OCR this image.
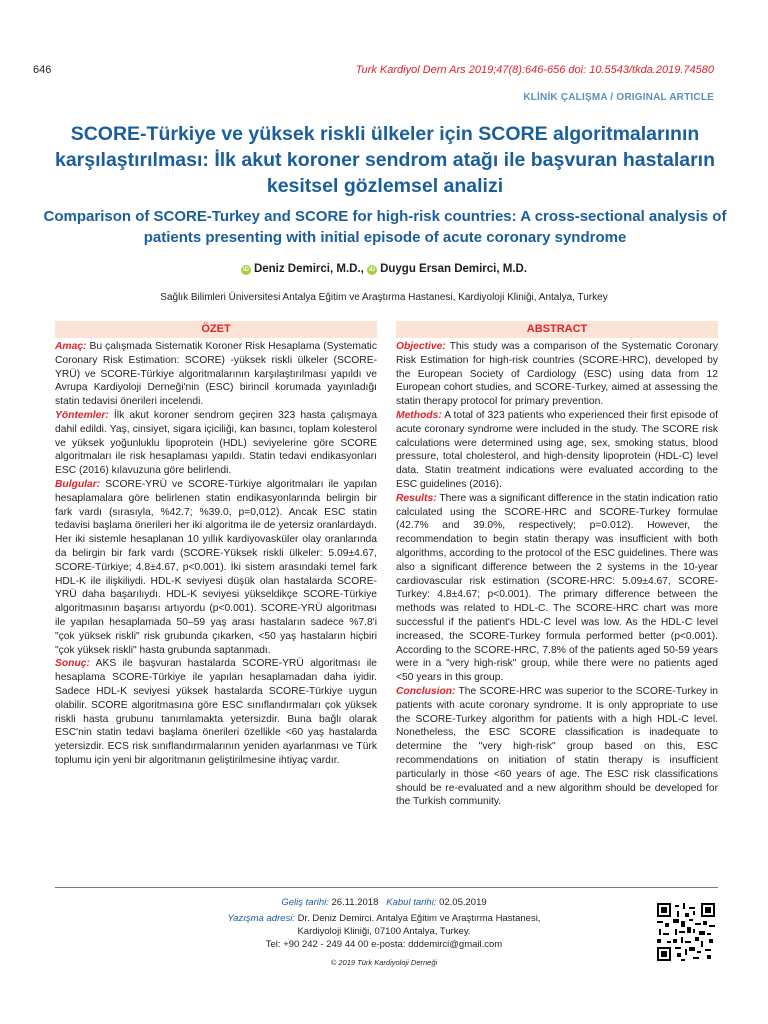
646	Turk Kardiyol Dern Ars 2019;47(8):646-656 doi: 10.5543/tkda.2019.74580
KLİNİK ÇALIŞMA / ORIGINAL ARTICLE
SCORE-Türkiye ve yüksek riskli ülkeler için SCORE algoritmalarının karşılaştırılması: İlk akut koroner sendrom atağı ile başvuran hastaların kesitsel gözlemsel analizi
Comparison of SCORE-Turkey and SCORE for high-risk countries: A cross-sectional analysis of patients presenting with initial episode of acute coronary syndrome
iD Deniz Demirci, M.D., iD Duygu Ersan Demirci, M.D.
Sağlık Bilimleri Üniversitesi Antalya Eğitim ve Araştırma Hastanesi, Kardiyoloji Kliniği, Antalya, Turkey
ÖZET

Amaç: Bu çalışmada Sistematik Koroner Risk Hesaplama (Systematic Coronary Risk Estimation: SCORE) -yüksek riskli ülkeler (SCORE-YRÜ) ve SCORE-Türkiye algoritmalarının karşılaştırılması yapıldı ve Avrupa Kardiyoloji Derneği'nin (ESC) birincil korumada yayınladığı statin tedavisi önerileri incelendi.

Yöntemler: İlk akut koroner sendrom geçiren 323 hasta çalışmaya dahil edildi. Yaş, cinsiyet, sigara içiciliği, kan basıncı, toplam kolesterol ve yüksek yoğunluklu lipoprotein (HDL) seviyelerine göre SCORE algoritmaları ile risk hesaplaması yapıldı. Statin tedavi endikasyonları ESC (2016) kılavuzuna göre belirlendi.

Bulgular: SCORE-YRÜ ve SCORE-Türkiye algoritmaları ile yapılan hesaplamalara göre belirlenen statin endikasyonlarında belirgin bir fark vardı (sırasıyla, %42.7; %39.0, p=0,012). Ancak ESC statin tedavisi başlama önerileri her iki algoritma ile de yetersiz oranlardaydı. Her iki sistemle hesaplanan 10 yıllık kardiyovasküler olay oranlarında da belirgin bir fark vardı (SCORE-Yüksek riskli ülkeler: 5.09±4.67, SCORE-Türkiye; 4.8±4.67, p<0.001). İki sistem arasındaki temel fark HDL-K ile ilişkiliydi. HDL-K seviyesi düşük olan hastalarda SCORE-YRÜ daha başarılıydı. HDL-K seviyesi yükseldikçe SCORE-Türkiye algoritmasının başarısı artıyordu (p<0.001). SCORE-YRÜ algoritması ile yapılan hesaplamada 50–59 yaş arası hastaların sadece %7.8'i "çok yüksek riskli" risk grubunda çıkarken, <50 yaş hastaların hiçbiri "çok yüksek riskli" hasta grubunda saptanmadı.

Sonuç: AKS ile başvuran hastalarda SCORE-YRÜ algoritması ile hesaplama SCORE-Türkiye ile yapılan hesaplamadan daha iyidir. Sadece HDL-K seviyesi yüksek hastalarda SCORE-Türkiye uygun olabilir. SCORE algoritmasına göre ESC sınıflandırmaları çok yüksek riskli hasta grubunu tanımlamakta yetersizdir. Buna bağlı olarak ESC'nin statin tedavi başlama önerileri özellikle <60 yaş hastalarda yetersizdir. ECS risk sınıflandırmalarının yeniden ayarlanması ve Türk toplumu için yeni bir algoritmanın geliştirilmesine ihtiyaç vardır.

ABSTRACT

Objective: This study was a comparison of the Systematic Coronary Risk Estimation for high-risk countries (SCORE-HRC), developed by the European Society of Cardiology (ESC) using data from 12 European cohort studies, and SCORE-Turkey, aimed at assessing the statin therapy protocol for primary prevention.

Methods: A total of 323 patients who experienced their first episode of acute coronary syndrome were included in the study. The SCORE risk calculations were determined using age, sex, smoking status, blood pressure, total cholesterol, and high-density lipoprotein (HDL-C) level data. Statin treatment indications were evaluated according to the ESC guidelines (2016).

Results: There was a significant difference in the statin indication ratio calculated using the SCORE-HRC and SCORE-Turkey formulae (42.7% and 39.0%, respectively; p=0.012). However, the recommendation to begin statin therapy was insufficient with both algorithms, according to the protocol of the ESC guidelines. There was also a significant difference between the 2 systems in the 10-year cardiovascular risk estimation (SCORE-HRC: 5.09±4.67, SCORE-Turkey: 4.8±4.67; p<0.001). The primary difference between the methods was related to HDL-C. The SCORE-HRC chart was more successful if the patient's HDL-C level was low. As the HDL-C level increased, the SCORE-Turkey formula performed better (p<0.001). According to the SCORE-HRC, 7.8% of the patients aged 50-59 years were in a "very high-risk" group, while there were no patients aged <50 years in this group.

Conclusion: The SCORE-HRC was superior to the SCORE-Turkey in patients with acute coronary syndrome. It is only appropriate to use the SCORE-Turkey algorithm for patients with a high HDL-C level. Nonetheless, the ESC SCORE classification is inadequate to determine the "very high-risk" group based on this, ESC recommendations on initiation of statin therapy is insufficient particularly in those <60 years of age. The ESC risk classifications should be re-evaluated and a new algorithm should be developed for the Turkish community.

Geliş tarihi: 26.11.2018 Kabul tarihi: 02.05.2019
Yazışma adresi: Dr. Deniz Demirci. Antalya Eğitim ve Araştırma Hastanesi,
Kardiyoloji Kliniği, 07100 Antalya, Turkey.
Tel: +90 242 - 249 44 00 e-posta: dddemirci@gmail.com
© 2019 Türk Kardiyoloji Derneği
